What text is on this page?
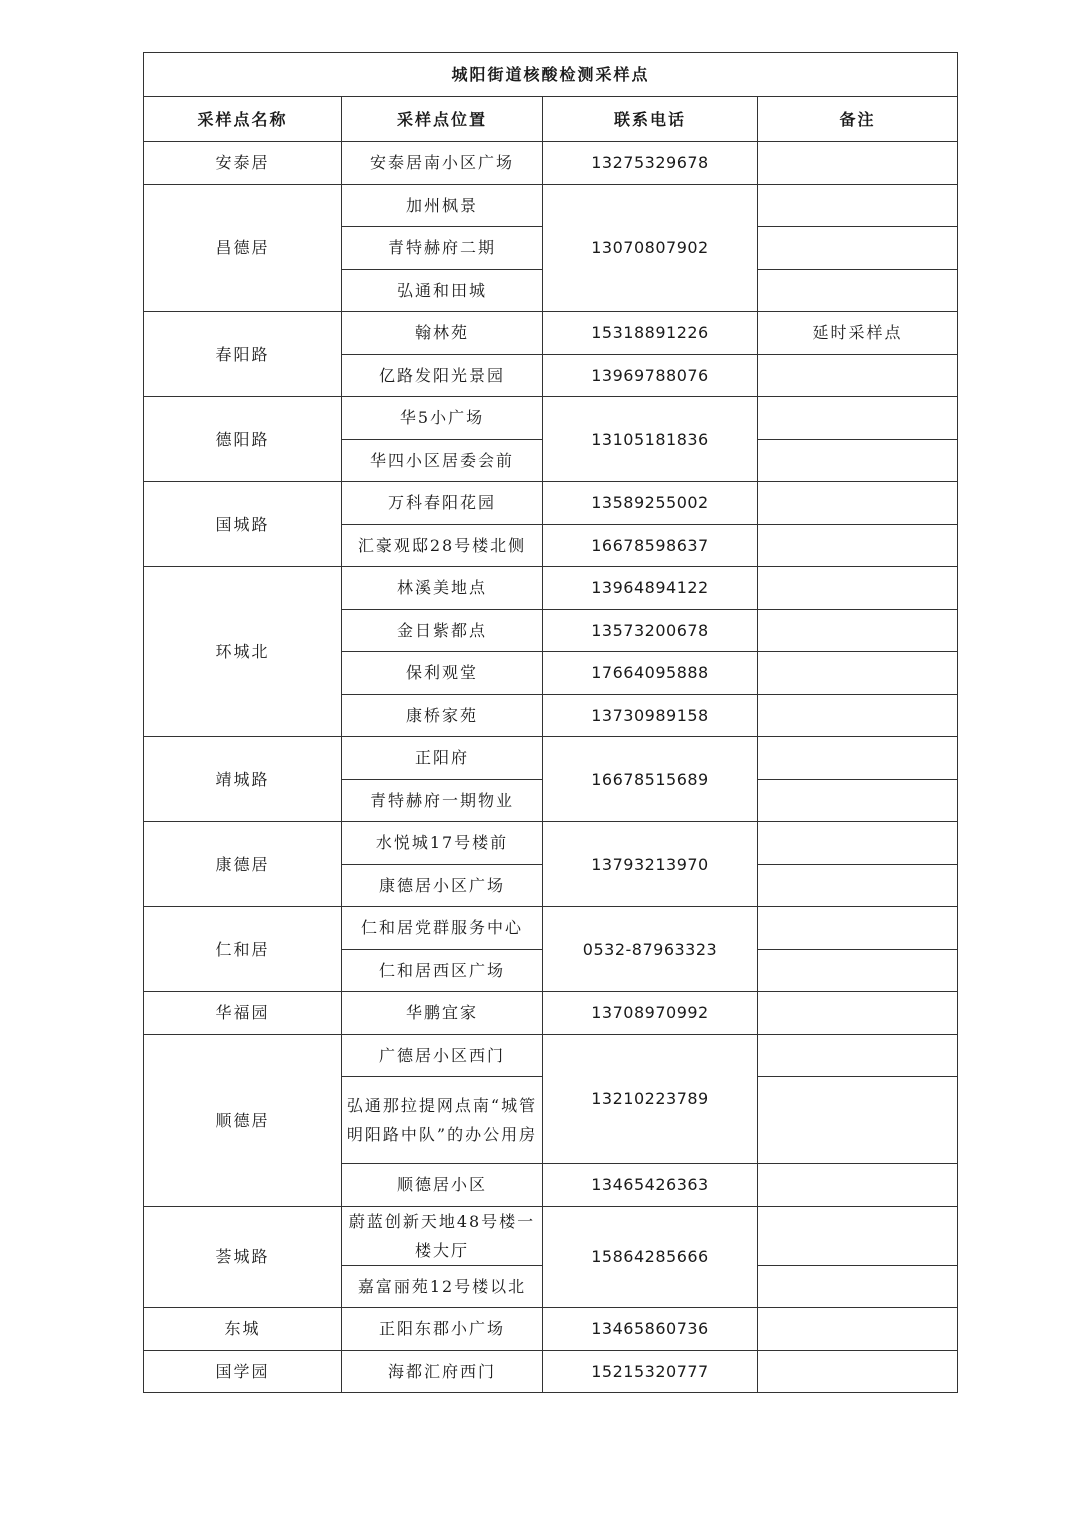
城阳街道核酸检测采样点			
采样点名称	采样点位置	联系电话	备注
安泰居	安泰居南小区广场	13275329678	
昌德居	加州枫景	13070807902	
	青特赫府二期		
	弘通和田城		
春阳路	翰林苑	15318891226	延时采样点
	亿路发阳光景园	13969788076	
德阳路	华5小广场	13105181836	
	华四小区居委会前		
国城路	万科春阳花园	13589255002	
	汇豪观邸28号楼北侧	16678598637	
环城北	林溪美地点	13964894122	
	金日紫都点	13573200678	
	保利观堂	17664095888	
	康桥家苑	13730989158	
靖城路	正阳府	16678515689	
	青特赫府一期物业		
康德居	水悦城17号楼前	13793213970	
	康德居小区广场		
仁和居	仁和居党群服务中心	0532-87963323	
	仁和居西区广场		
华福园	华鹏宜家	13708970992	
顺德居	广德居小区西门	13210223789	
	弘通那拉提网点南“城管明阳路中队”的办公用房		
	顺德居小区	13465426363	
荟城路	蔚蓝创新天地48号楼一楼大厅	15864285666	
	嘉富丽苑12号楼以北		
东城	正阳东郡小广场	13465860736	
国学园	海都汇府西门	15215320777	
